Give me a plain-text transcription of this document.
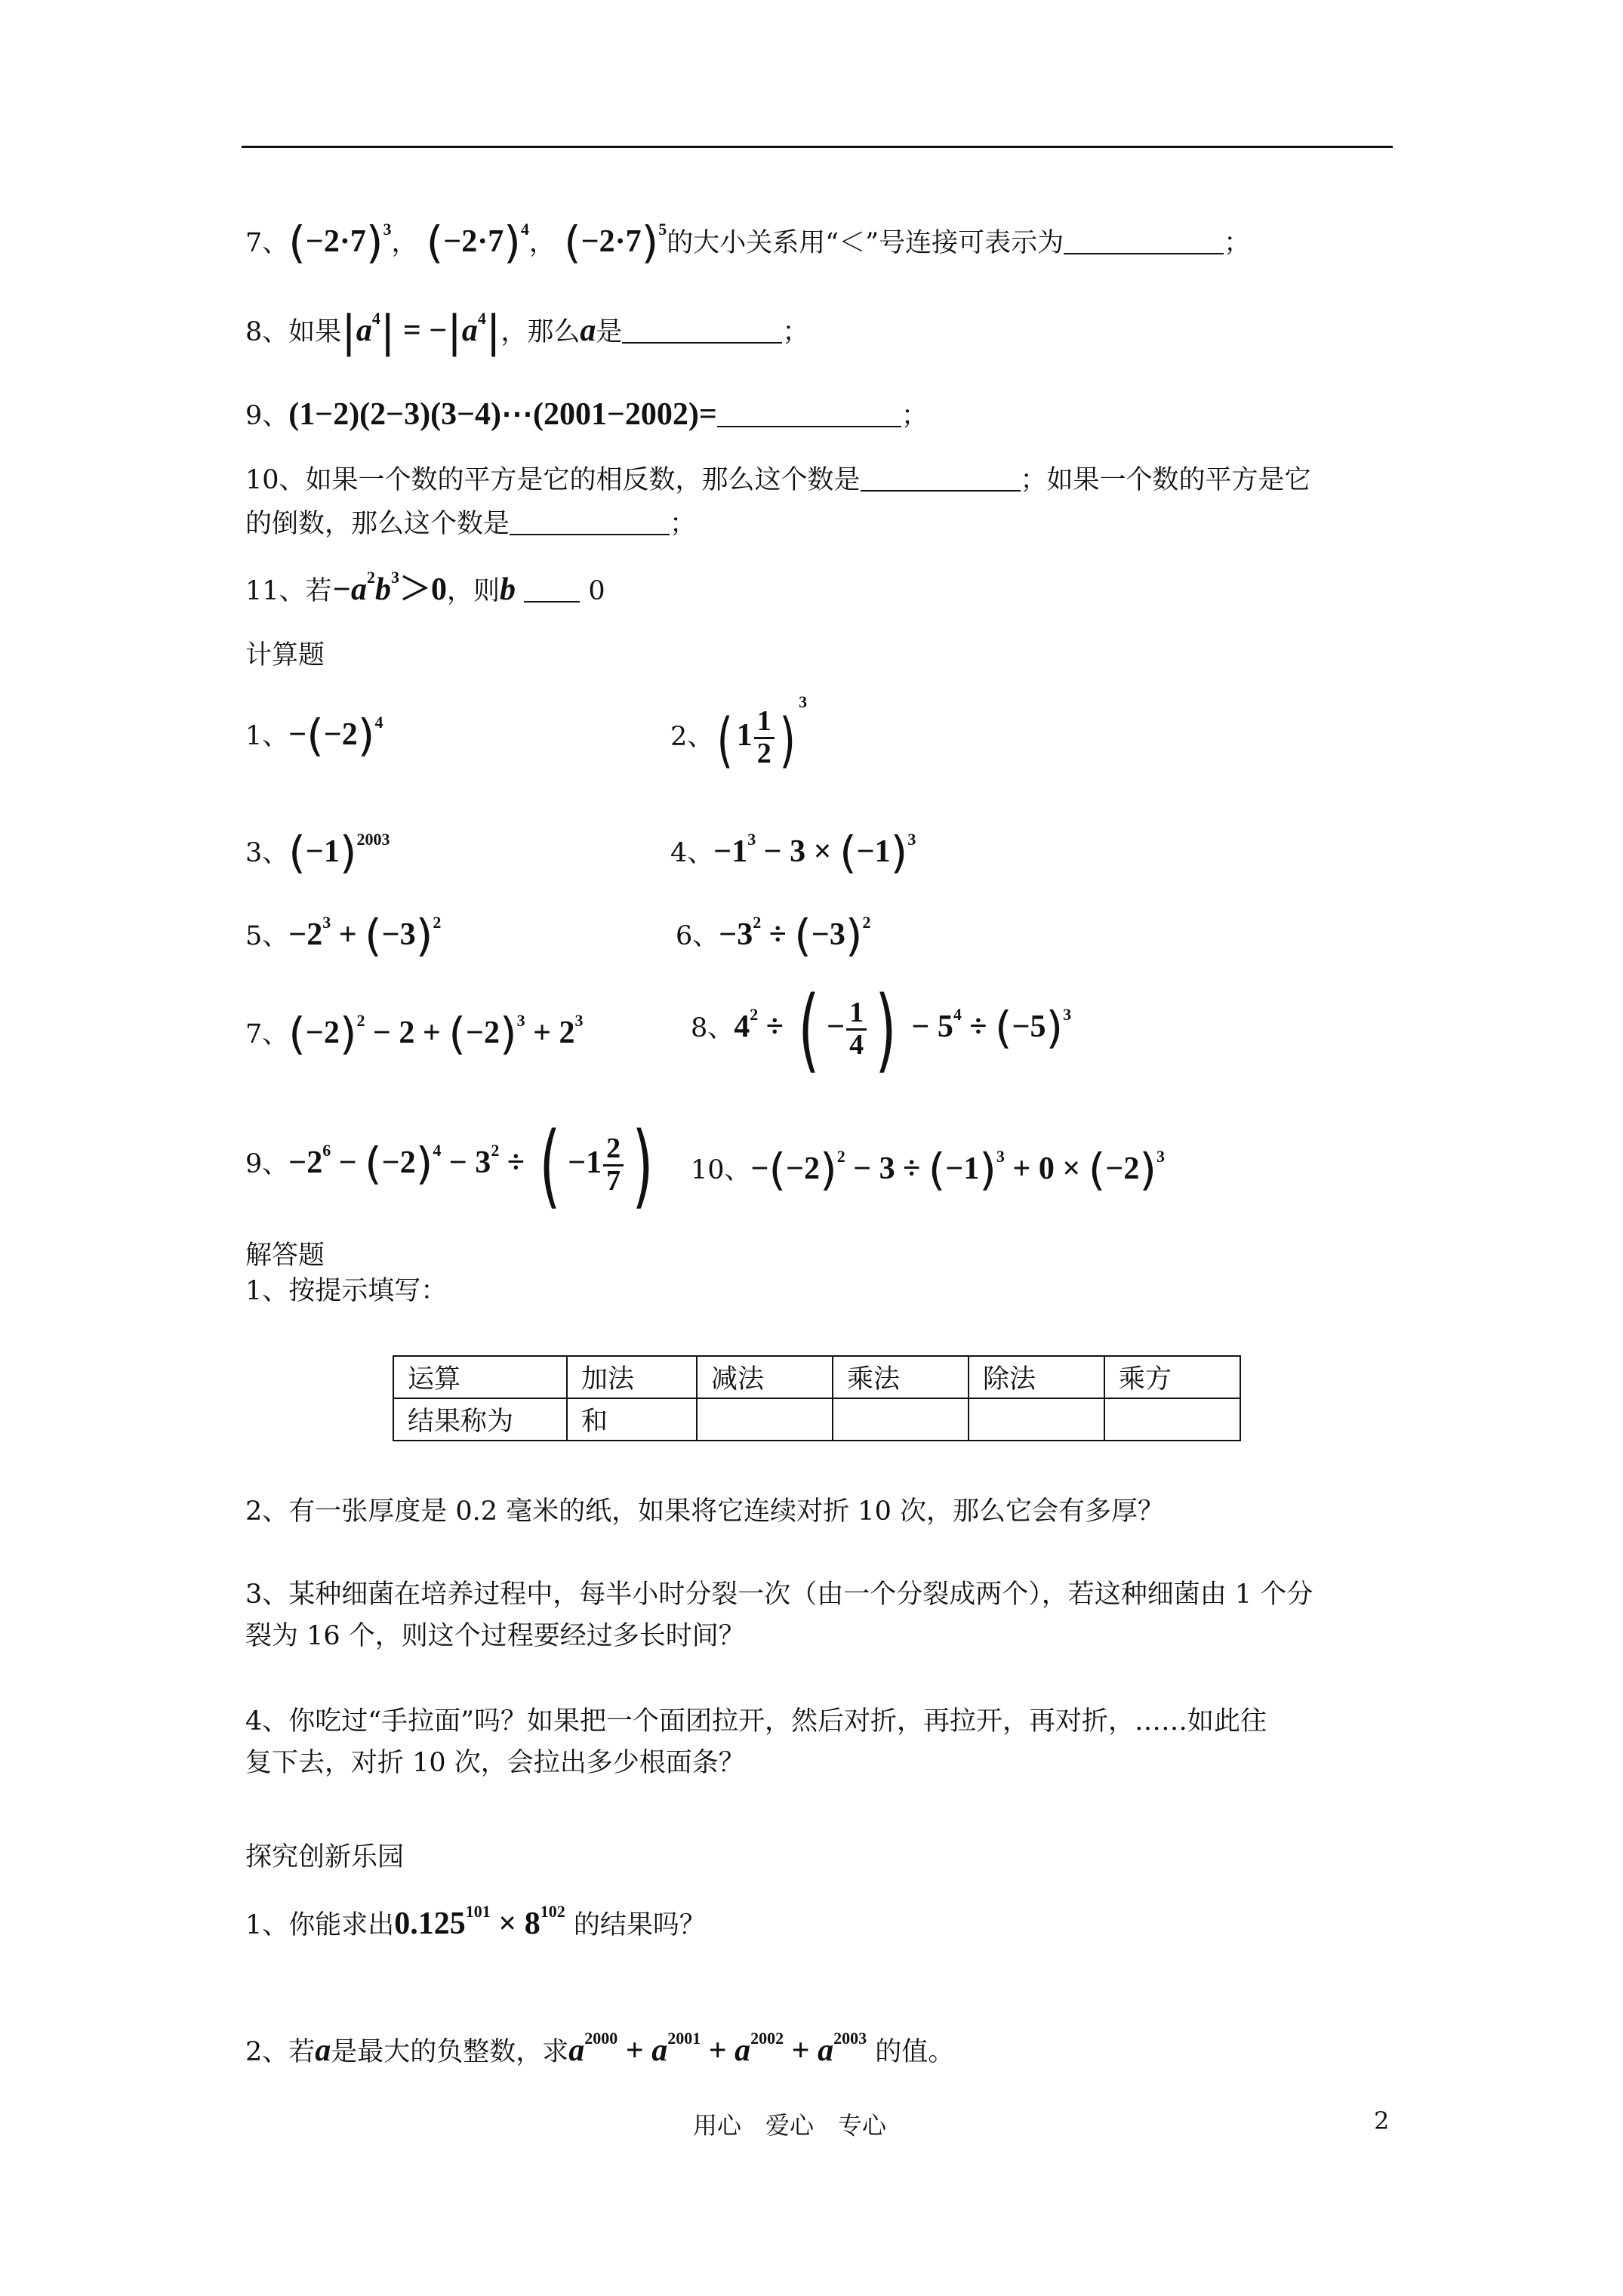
7、$(-2\cdot 7)^3$， $(-2\cdot 7)^4$， $(-2\cdot 7)^5$的大小关系用“＜”号连接可表示为	；
8、如果$|a^4| = -|a^4|$，那么a是	；
9、(1−2)(2−3)(3−4)⋯(2001−2002)=	；
10、如果一个数的平方是它的相反数，那么这个数是	；如果一个数的平方是它
的倒数，那么这个数是	；
11、若$-a^2b^3>0$，则b	0
计算题
1、$-(-2)^4$	2、( $1 \frac{1}{2} )^3$
3、$(-1)^{2003}$	4、$-1^3 - 3 \times (-1)^3$
5、$-2^3 + (-3)^2$	6、$-3^2 \div (-3)^2$
7、$(-2)^2 - 2 + (-2)^3 + 2^3$	8、$4^2$ ÷ ( − $\frac{1}{4}$ ) − $5^4 \div (-5)^3$
9、$-2^6 - (-2)^4 - 3^2$ ÷ ( $-1 \frac{2}{7}$ ) 10、$-(-2)^2 - 3 \div (-1)^3 + 0 \times (-2)^3$
解答题
1、按提示填写：
运算	加法	减法	乘法	除法	乘方
结果称为	和				
2、有一张厚度是 0.2 毫米的纸，如果将它连续对折 10 次，那么它会有多厚？
3、某种细菌在培养过程中，每半小时分裂一次（由一个分裂成两个），若这种细菌由 1 个分
裂为 16 个，则这个过程要经过多长时间？
4、你吃过“手拉面”吗？如果把一个面团拉开，然后对折，再拉开，再对折，……如此往
复下去，对折 10 次，会拉出多少根面条？
探究创新乐园
1、你能求出$0.125^{101} \times 8^{102}$ 的结果吗？
2、若a是最大的负整数，求$a^{2000} + a^{2001} + a^{2002} + a^{2003}$ 的值。
用心　爱心　专心	2
